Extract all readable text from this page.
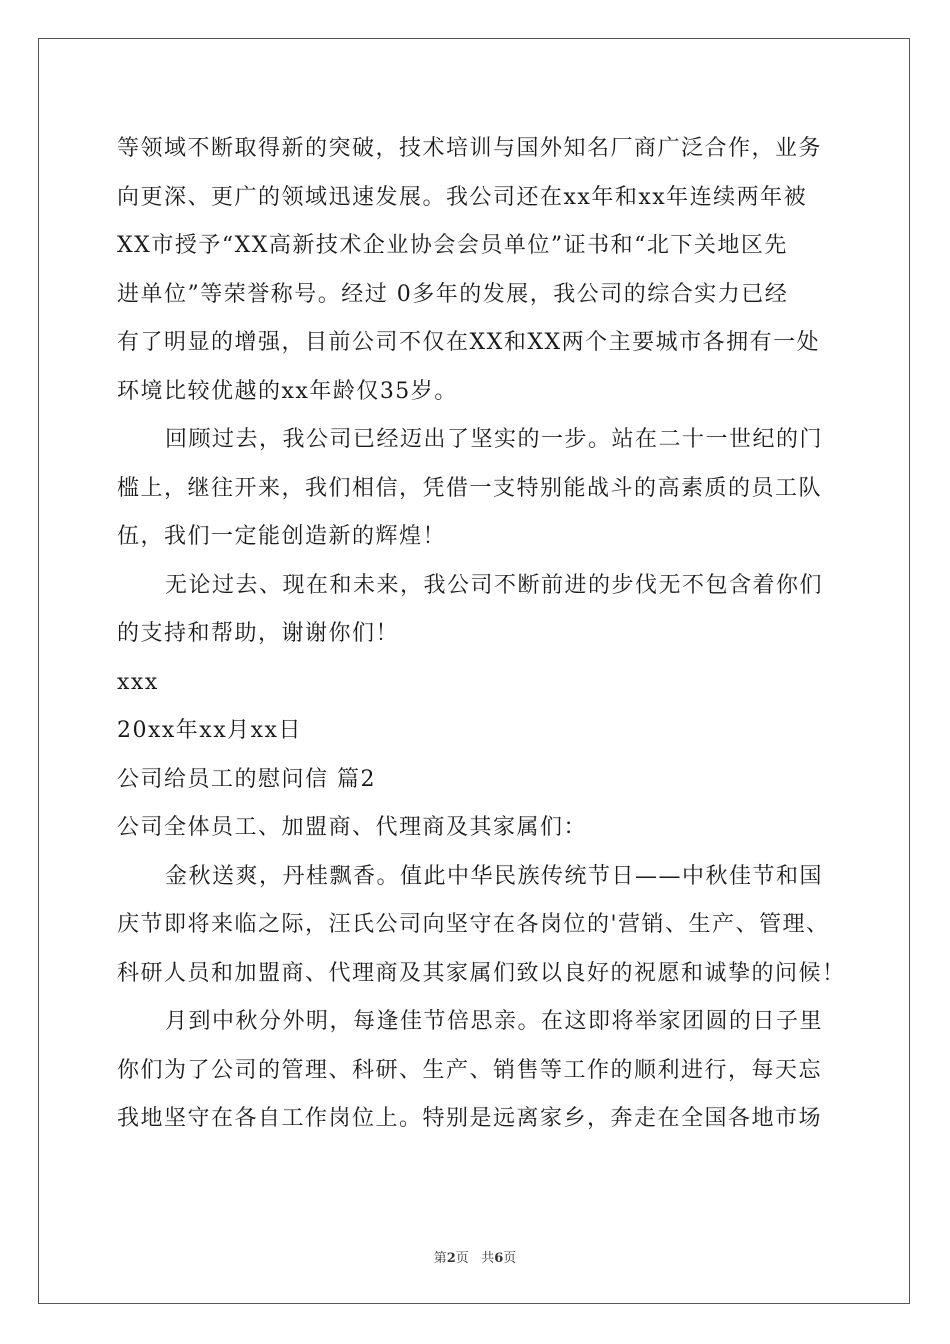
等领域不断取得新的突破，技术培训与国外知名厂商广泛合作，业务
向更深、更广的领域迅速发展。我公司还在xx年和xx年连续两年被
XX市授予“XX高新技术企业协会会员单位”证书和“北下关地区先
进单位”等荣誉称号。经过 0多年的发展，我公司的综合实力已经
有了明显的增强，目前公司不仅在XX和XX两个主要城市各拥有一处
环境比较优越的xx年龄仅35岁。
回顾过去，我公司已经迈出了坚实的一步。站在二十一世纪的门
槛上，继往开来，我们相信，凭借一支特别能战斗的高素质的员工队
伍，我们一定能创造新的辉煌！
无论过去、现在和未来，我公司不断前进的步伐无不包含着你们
的支持和帮助，谢谢你们！
xxx
20xx年xx月xx日
公司给员工的慰问信 篇2
公司全体员工、加盟商、代理商及其家属们：
金秋送爽，丹桂飘香。值此中华民族传统节日——中秋佳节和国
庆节即将来临之际，汪氏公司向坚守在各岗位的'营销、生产、管理、
科研人员和加盟商、代理商及其家属们致以良好的祝愿和诚挚的问候！
月到中秋分外明，每逢佳节倍思亲。在这即将举家团圆的日子里
你们为了公司的管理、科研、生产、销售等工作的顺利进行，每天忘
我地坚守在各自工作岗位上。特别是远离家乡，奔走在全国各地市场
第2页 共6页
